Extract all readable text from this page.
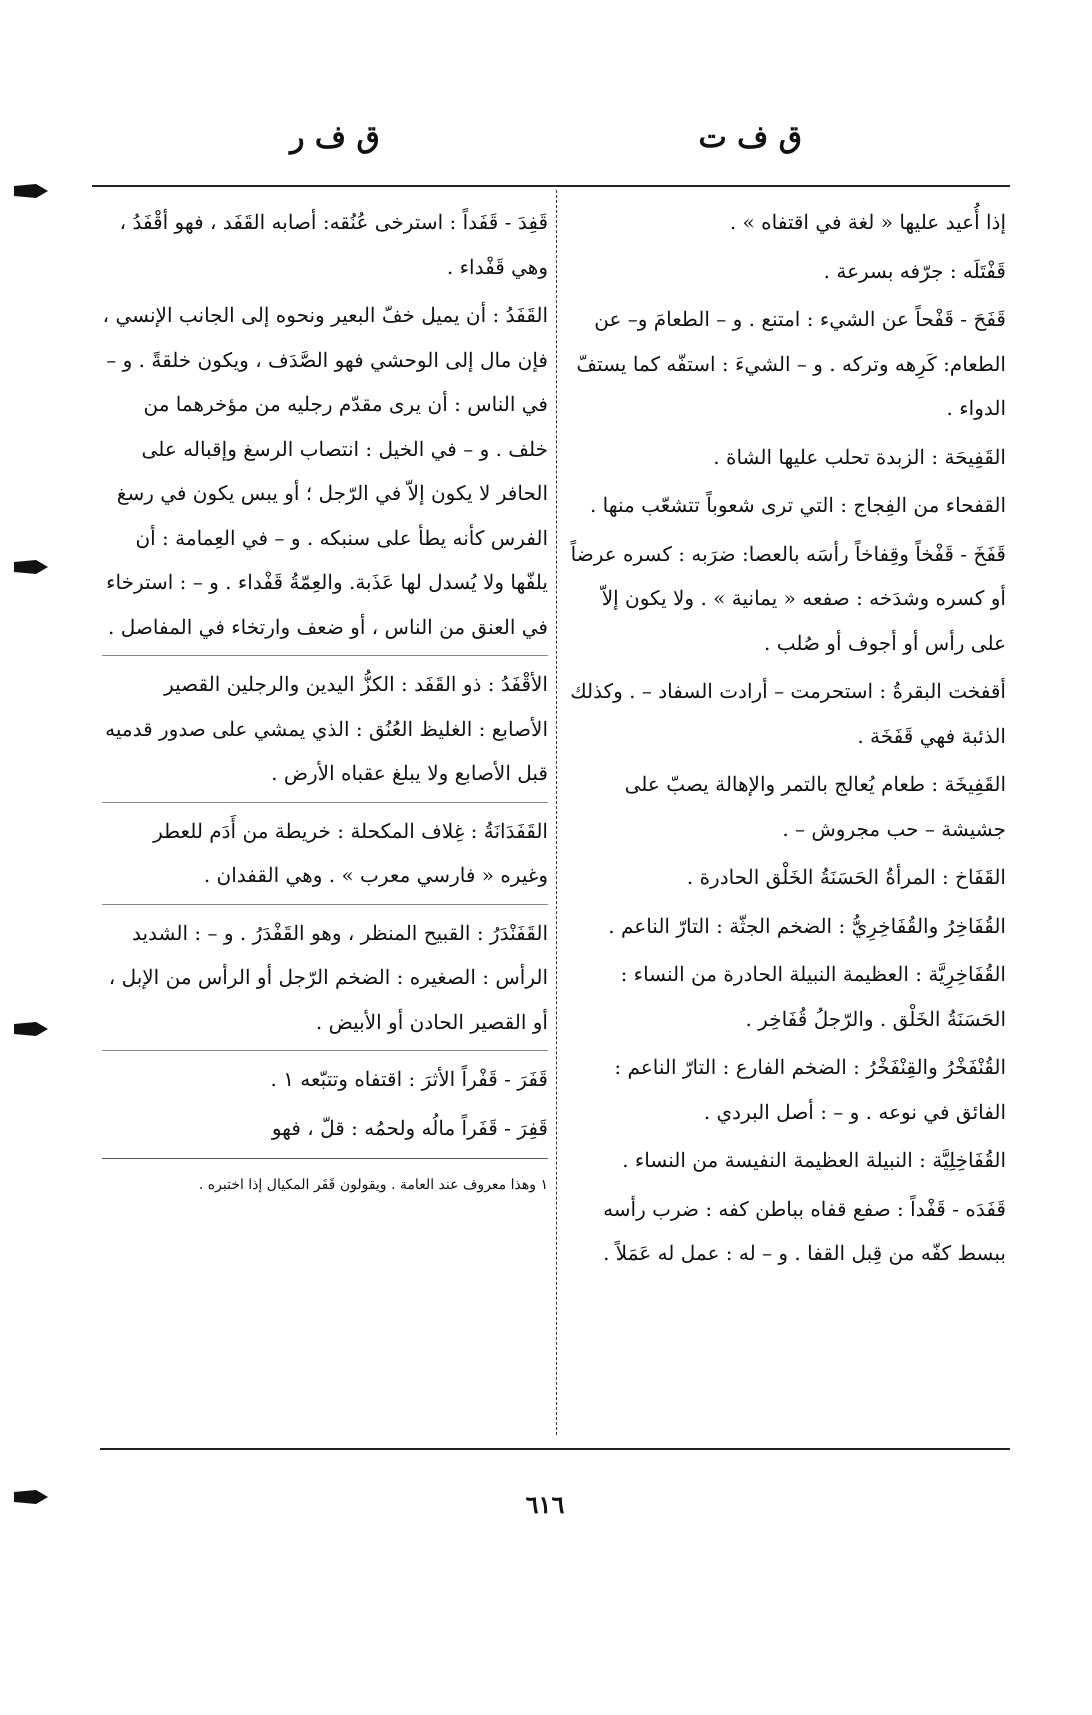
ق ف ت
ق ف ر

إذا أُعيد عليها « لغة في اقتفاه » .

قَفْتَلَه : جرّفه بسرعة .

قَفَحَ - قَفْحاً عن الشيء : امتنع . و – الطعامَ و– عن الطعام: كَرِهه وتركه . و – الشيءَ : استفّه كما يستفّ الدواء .

القَفِيحَة : الزبدة تحلب عليها الشاة .

القفحاء من الفِجاج : التي ترى شعوباً تتشعّب منها .

قَفَخَ - قَفْخاً وقِفاخاً رأسَه بالعصا: ضرَبه : كسره عرضاً أو كسره وشدَخه : صفعه « يمانية » . ولا يكون إلاّ على رأس أو أجوف أو صُلب .

أقفخت البقرةُ : استحرمت – أرادت السفاد – . وكذلك الذئبة فهي قَفَخَة .

القَفِيخَة : طعام يُعالج بالتمر والإهالة يصبّ على جشيشة – حب مجروش – .

القَفَاخ : المرأةُ الحَسَنَةُ الخَلْق الحادرة .

القُفَاخِرُ والقُفَاخِرِيُّ : الضخم الجثّة : التارّ الناعم .

القُفَاخِرِيَّة : العظيمة النبيلة الحادرة من النساء : الحَسَنَةُ الخَلْق . والرّجلُ قُفَاخِر .

القُنْفَخْرُ والقِنْفَخْرُ : الضخم الفارع : التارّ الناعم : الفائق في نوعه . و – : أصل البردي .

القُفَاخِلِيَّة : النبيلة العظيمة النفيسة من النساء .

قَفَدَه - قَفْداً : صفع قفاه بباطن كفه : ضرب رأسه ببسط كفّه من قِبل القفا . و – له : عمل له عَمَلاً .

قَفِدَ - قَفَداً : استرخى عُنُقه: أصابه القَفَد ، فهو أقْفَدُ ، وهي قَفْداء .

القَفَدُ : أن يميل خفّ البعير ونحوه إلى الجانب الإنسي ، فإن مال إلى الوحشي فهو الصَّدَف ، ويكون خلقةً . و – في الناس : أن يرى مقدّم رجليه من مؤخرهما من خلف . و – في الخيل : انتصاب الرسغ وإقباله على الحافر لا يكون إلاّ في الرّجل ؛ أو يبس يكون في رسغ الفرس كأنه يطأ على سنبكه . و – في العِمامة : أن يلفّها ولا يُسدل لها عَذَبة. والعِمّةُ قَفْداء . و – : استرخاء في العنق من الناس ، أو ضعف وارتخاء في المفاصل .

الأقْفَدُ : ذو القَفَد : الكزُّ اليدين والرجلين القصير الأصابع : الغليظ العُنُق : الذي يمشي على صدور قدميه قبل الأصابع ولا يبلغ عقباه الأرض .

القَفَدَانَةُ : غِلاف المكحلة : خريطة من أَدَم للعطر وغيره « فارسي معرب » . وهي القفدان .

القَفَنْدَرُ : القبيح المنظر ، وهو القَفْدَرُ . و – : الشديد الرأس : الصغيره : الضخم الرّجل أو الرأس من الإبل ، أو القصير الحادن أو الأبيض .

قَفَرَ - قَفْراً الأثرَ : اقتفاه وتتبّعه ١ .

قَفِرَ - قَفَراً مالُه ولحمُه : قلّ ، فهو

١ وهذا معروف عند العامة . ويقولون قَفَر المكيال إذا اختبره .

٦١٦
